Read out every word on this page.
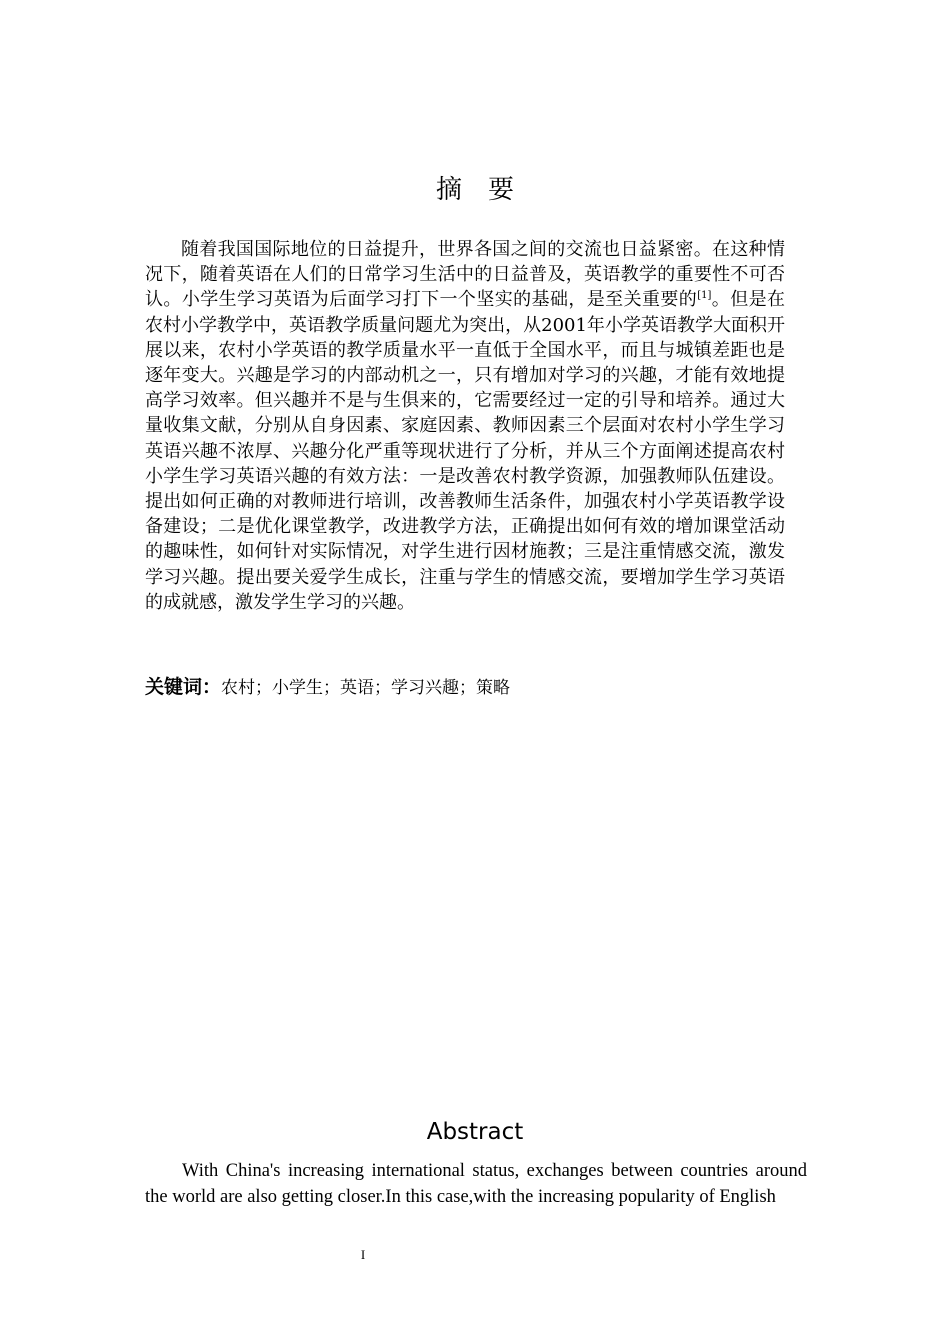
摘要

随着我国国际地位的日益提升，世界各国之间的交流也日益紧密。在这种情况下，随着英语在人们的日常学习生活中的日益普及，英语教学的重要性不可否认。小学生学习英语为后面学习打下一个坚实的基础，是至关重要的[1]。但是在农村小学教学中，英语教学质量问题尤为突出，从2001年小学英语教学大面积开展以来，农村小学英语的教学质量水平一直低于全国水平，而且与城镇差距也是逐年变大。兴趣是学习的内部动机之一，只有增加对学习的兴趣，才能有效地提高学习效率。但兴趣并不是与生俱来的，它需要经过一定的引导和培养。通过大量收集文献，分别从自身因素、家庭因素、教师因素三个层面对农村小学生学习英语兴趣不浓厚、兴趣分化严重等现状进行了分析，并从三个方面阐述提高农村小学生学习英语兴趣的有效方法：一是改善农村教学资源，加强教师队伍建设。提出如何正确的对教师进行培训，改善教师生活条件，加强农村小学英语教学设备建设；二是优化课堂教学，改进教学方法，正确提出如何有效的增加课堂活动的趣味性，如何针对实际情况，对学生进行因材施教；三是注重情感交流，激发学习兴趣。提出要关爱学生成长，注重与学生的情感交流，要增加学生学习英语的成就感，激发学生学习的兴趣。

关键词：农村；小学生；英语；学习兴趣；策略

Abstract

With China's increasing international status, exchanges between countries around the world are also getting closer.In this case,with the increasing popularity of English

I
